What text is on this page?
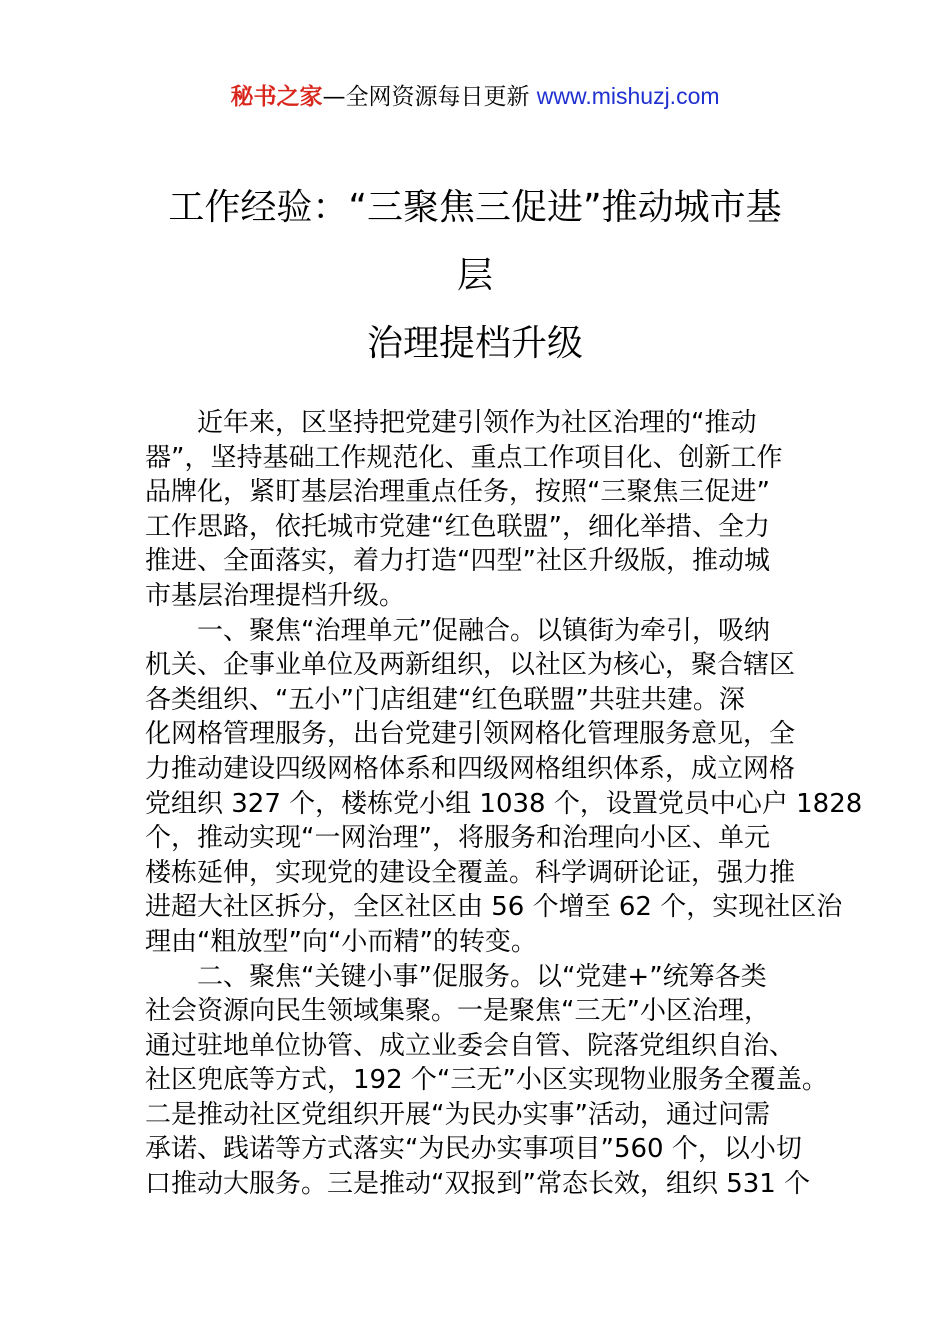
秘书之家—全网资源每日更新 www.mishuzj.com
工作经验：“三聚焦三促进”推动城市基
层
治理提档升级
近年来，区坚持把党建引领作为社区治理的“推动
器”，坚持基础工作规范化、重点工作项目化、创新工作
品牌化，紧盯基层治理重点任务，按照“三聚焦三促进”
工作思路，依托城市党建“红色联盟”，细化举措、全力
推进、全面落实，着力打造“四型”社区升级版，推动城
市基层治理提档升级。
一、聚焦“治理单元”促融合。以镇街为牵引，吸纳
机关、企事业单位及两新组织，以社区为核心，聚合辖区
各类组织、“五小”门店组建“红色联盟”共驻共建。深
化网格管理服务，出台党建引领网格化管理服务意见，全
力推动建设四级网格体系和四级网格组织体系，成立网格
党组织 327 个，楼栋党小组 1038 个，设置党员中心户 1828
个，推动实现“一网治理”，将服务和治理向小区、单元
楼栋延伸，实现党的建设全覆盖。科学调研论证，强力推
进超大社区拆分，全区社区由 56 个增至 62 个，实现社区治
理由“粗放型”向“小而精”的转变。
二、聚焦“关键小事”促服务。以“党建+”统筹各类
社会资源向民生领域集聚。一是聚焦“三无”小区治理，
通过驻地单位协管、成立业委会自管、院落党组织自治、
社区兜底等方式，192 个“三无”小区实现物业服务全覆盖。
二是推动社区党组织开展“为民办实事”活动，通过问需
承诺、践诺等方式落实“为民办实事项目”560 个，以小切
口推动大服务。三是推动“双报到”常态长效，组织 531 个
